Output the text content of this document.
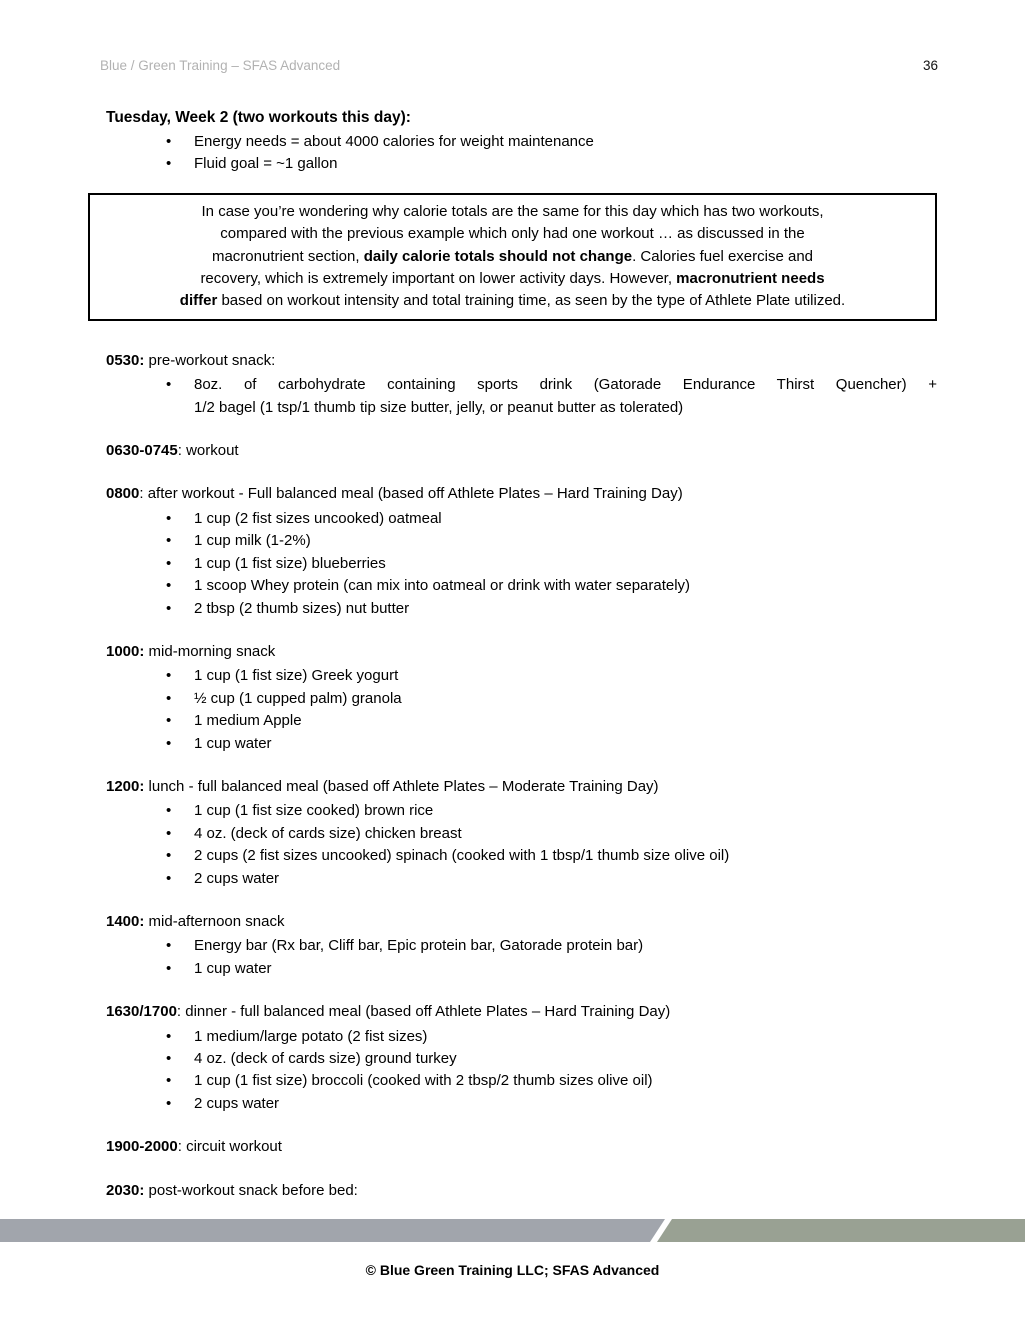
Blue / Green Training – SFAS Advanced	36
Tuesday, Week 2 (two workouts this day):
• Energy needs = about 4000 calories for weight maintenance
• Fluid goal = ~1 gallon
In case you’re wondering why calorie totals are the same for this day which has two workouts,
compared with the previous example which only had one workout … as discussed in the
macronutrient section, daily calorie totals should not change. Calories fuel exercise and
recovery, which is extremely important on lower activity days. However, macronutrient needs
differ based on workout intensity and total training time, as seen by the type of Athlete Plate utilized.
0530: pre-workout snack:
• 8oz. of carbohydrate containing sports drink (Gatorade Endurance Thirst Quencher) +
1/2 bagel (1 tsp/1 thumb tip size butter, jelly, or peanut butter as tolerated)
0630-0745: workout
0800: after workout - Full balanced meal (based off Athlete Plates – Hard Training Day)
• 1 cup (2 fist sizes uncooked) oatmeal
• 1 cup milk (1-2%)
• 1 cup (1 fist size) blueberries
• 1 scoop Whey protein (can mix into oatmeal or drink with water separately)
• 2 tbsp (2 thumb sizes) nut butter
1000: mid-morning snack
• 1 cup (1 fist size) Greek yogurt
• ½ cup (1 cupped palm) granola
• 1 medium Apple
• 1 cup water
1200: lunch - full balanced meal (based off Athlete Plates – Moderate Training Day)
• 1 cup (1 fist size cooked) brown rice
• 4 oz. (deck of cards size) chicken breast
• 2 cups (2 fist sizes uncooked) spinach (cooked with 1 tbsp/1 thumb size olive oil)
• 2 cups water
1400: mid-afternoon snack
• Energy bar (Rx bar, Cliff bar, Epic protein bar, Gatorade protein bar)
• 1 cup water
1630/1700: dinner - full balanced meal (based off Athlete Plates – Hard Training Day)
• 1 medium/large potato (2 fist sizes)
• 4 oz. (deck of cards size) ground turkey
• 1 cup (1 fist size) broccoli (cooked with 2 tbsp/2 thumb sizes olive oil)
• 2 cups water
1900-2000: circuit workout
2030: post-workout snack before bed:
© Blue Green Training LLC; SFAS Advanced
